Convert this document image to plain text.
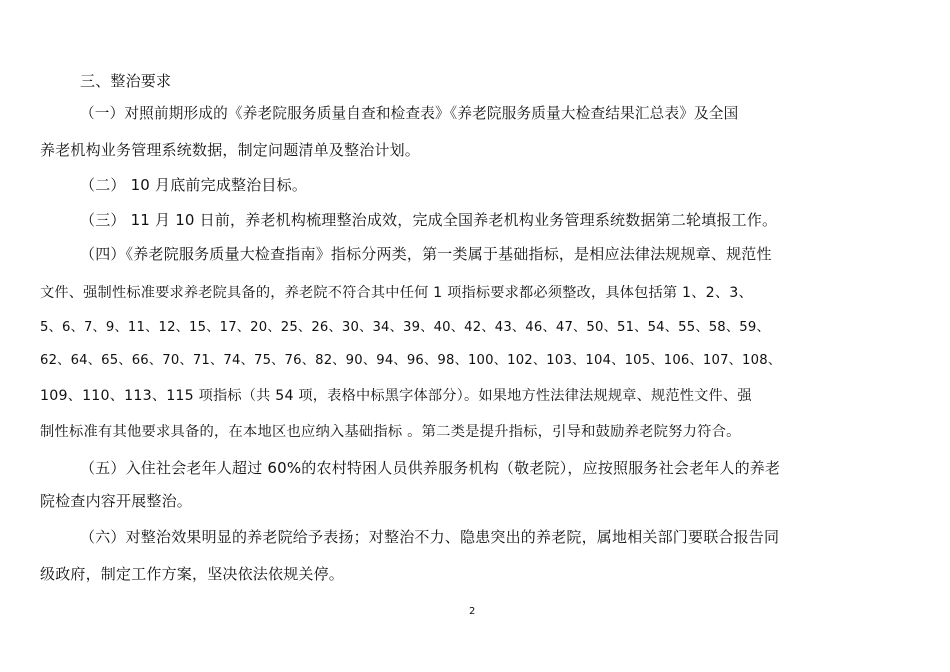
三、整治要求
（一）对照前期形成的《养老院服务质量自查和检查表》《养老院服务质量大检查结果汇总表》及全国
养老机构业务管理系统数据，制定问题清单及整治计划。
（二） 10 月底前完成整治目标。
（三） 11 月 10 日前，养老机构梳理整治成效，完成全国养老机构业务管理系统数据第二轮填报工作。
（四）《养老院服务质量大检查指南》指标分两类，第一类属于基础指标，是相应法律法规规章、规范性
文件、强制性标准要求养老院具备的，养老院不符合其中任何 1 项指标要求都必须整改，具体包括第 1、2、3、
5、6、7、9、11、12、15、17、20、25、26、30、34、39、40、42、43、46、47、50、51、54、55、58、59、
62、64、65、66、70、71、74、75、76、82、90、94、96、98、100、102、103、104、105、106、107、108、
109、110、113、115 项指标（共 54 项，表格中标黑字体部分）。如果地方性法律法规规章、规范性文件、强
制性标准有其他要求具备的，在本地区也应纳入基础指标 。第二类是提升指标，引导和鼓励养老院努力符合。
（五）入住社会老年人超过 60%的农村特困人员供养服务机构（敬老院），应按照服务社会老年人的养老
院检查内容开展整治。
（六）对整治效果明显的养老院给予表扬；对整治不力、隐患突出的养老院，属地相关部门要联合报告同
级政府，制定工作方案，坚决依法依规关停。
2
